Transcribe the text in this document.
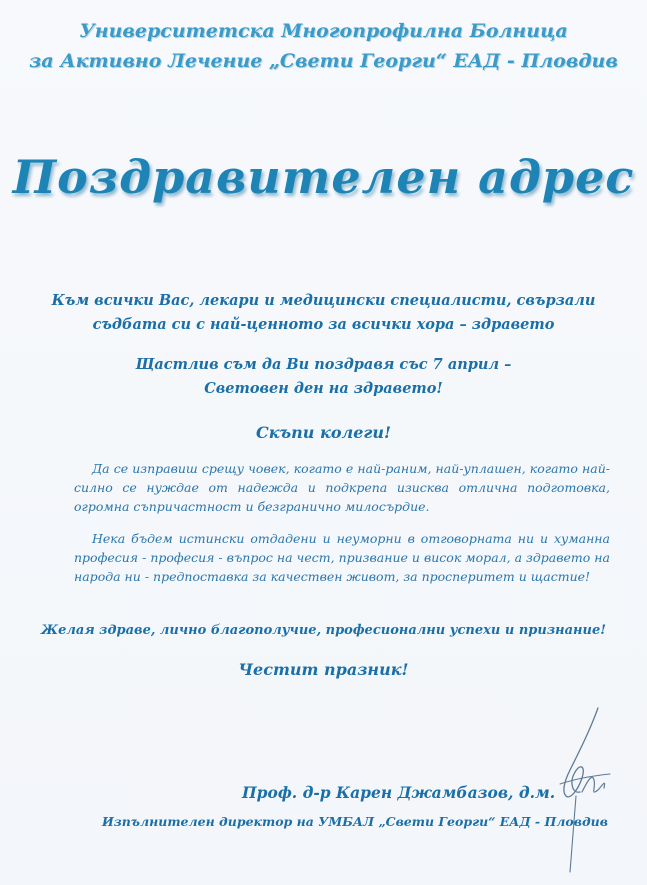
Университетска Многопрофилна Болница
за Активно Лечение „Свети Георги“ ЕАД - Пловдив
Поздравителен адрес
Към всички Вас, лекари и медицински специалисти, свързали
съдбата си с най-ценното за всички хора – здравето
Щастлив съм да Ви поздравя със 7 април –
Световен ден на здравето!
Скъпи колеги!

Да се изправиш срещу човек, когато е най-раним, най-уплашен, когато най-силно се нуждае от надежда и подкрепа изисква отлична подготовка, огромна съпричастност и безгранично милосърдие.

Нека бъдем истински отдадени и неуморни в отговорната ни и хуманна професия - професия - въпрос на чест, призвание и висок морал, а здравето на народа ни - предпоставка за качествен живот, за просперитет и щастие!

Желая здраве, лично благополучие, професионални успехи и признание!
Честит празник!
Проф. д-р Карен Джамбазов, д.м.
Изпълнителен директор на УМБАЛ „Свети Георги“ ЕАД - Пловдив
